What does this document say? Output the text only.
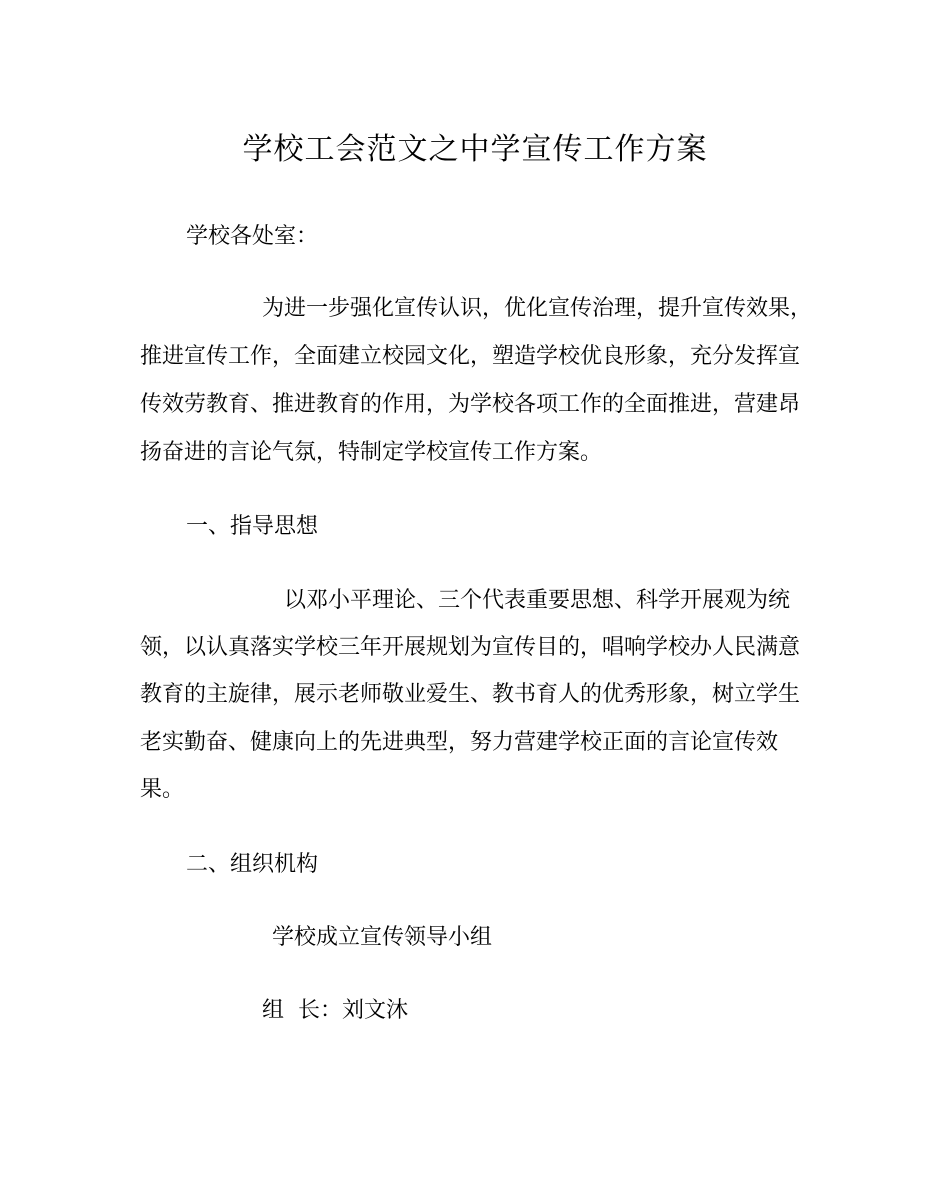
学校工会范文之中学宣传工作方案

学校各处室：

为进一步强化宣传认识，优化宣传治理，提升宣传效果，

推进宣传工作，全面建立校园文化，塑造学校优良形象，充分发挥宣

传效劳教育、推进教育的作用，为学校各项工作的全面推进，营建昂

扬奋进的言论气氛，特制定学校宣传工作方案。

一、指导思想

以邓小平理论、三个代表重要思想、科学开展观为统

领，以认真落实学校三年开展规划为宣传目的，唱响学校办人民满意

教育的主旋律，展示老师敬业爱生、教书育人的优秀形象，树立学生

老实勤奋、健康向上的先进典型，努力营建学校正面的言论宣传效

果。

二、组织机构

学校成立宣传领导小组

组  长：刘文沐
